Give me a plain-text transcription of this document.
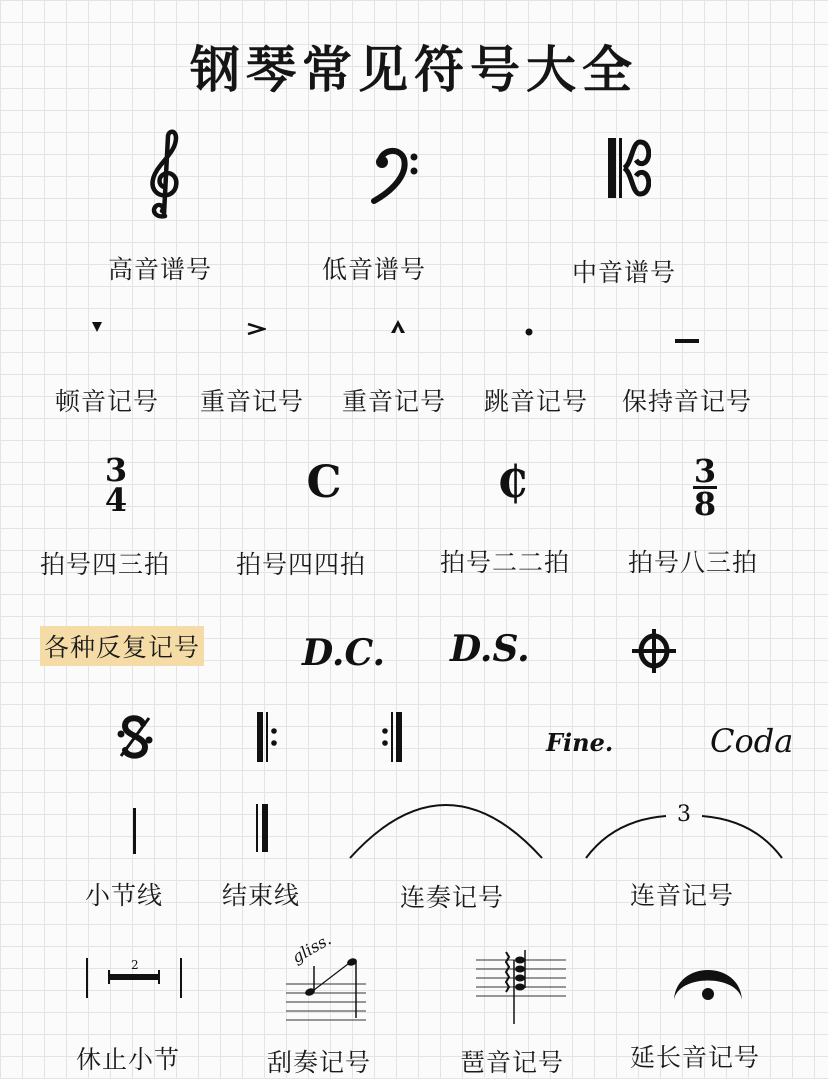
钢琴常见符号大全
高音谱号	低音谱号	中音谱号
顿音记号 重音记号 重音记号 跳音记号 保持音记号
3
4	C	₵	3
8
拍号四三拍	拍号四四拍	拍号二二拍 拍号八三拍
各种反复记号	D.C. D.S.
Fine.	Coda
3
小节线 结束线	连奏记号	连音记号
2	gliss.
休止小节	刮奏记号	琶音记号	延长音记号
